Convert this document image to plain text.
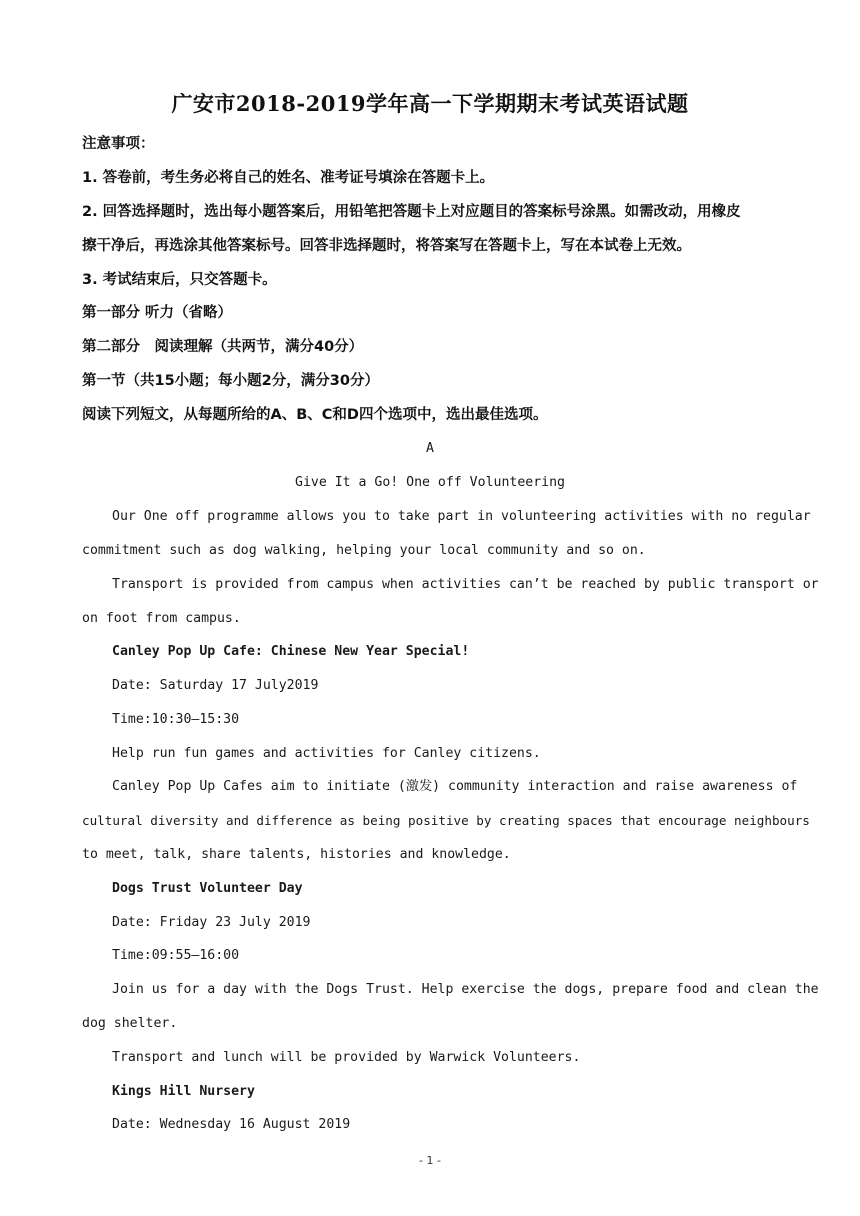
广安市2018-2019学年高一下学期期末考试英语试题
注意事项：
1. 答卷前，考生务必将自己的姓名、准考证号填涂在答题卡上。
2. 回答选择题时，选出每小题答案后，用铅笔把答题卡上对应题目的答案标号涂黑。如需改动，用橡皮
擦干净后，再选涂其他答案标号。回答非选择题时，将答案写在答题卡上，写在本试卷上无效。
3. 考试结束后，只交答题卡。
第一部分 听力（省略）
第二部分　阅读理解（共两节，满分40分）
第一节（共15小题；每小题2分，满分30分）
阅读下列短文，从每题所给的A、B、C和D四个选项中，选出最佳选项。
A
Give It a Go! One off Volunteering
Our One off programme allows you to take part in volunteering activities with no regular
commitment such as dog walking, helping your local community and so on.
Transport is provided from campus when activities can’t be reached by public transport or
on foot from campus.
Canley Pop Up Cafe: Chinese New Year Special!
Date: Saturday 17 July2019
Time:10:30—15:30
Help run fun games and activities for Canley citizens.
Canley Pop Up Cafes aim to initiate (激发) community interaction and raise awareness of
cultural diversity and difference as being positive by creating spaces that encourage neighbours
to meet, talk, share talents, histories and knowledge.
Dogs Trust Volunteer Day
Date: Friday 23 July 2019
Time:09:55—16:00
Join us for a day with the Dogs Trust. Help exercise the dogs, prepare food and clean the
dog shelter.
Transport and lunch will be provided by Warwick Volunteers.
Kings Hill Nursery
Date: Wednesday 16 August 2019
- 1 -
